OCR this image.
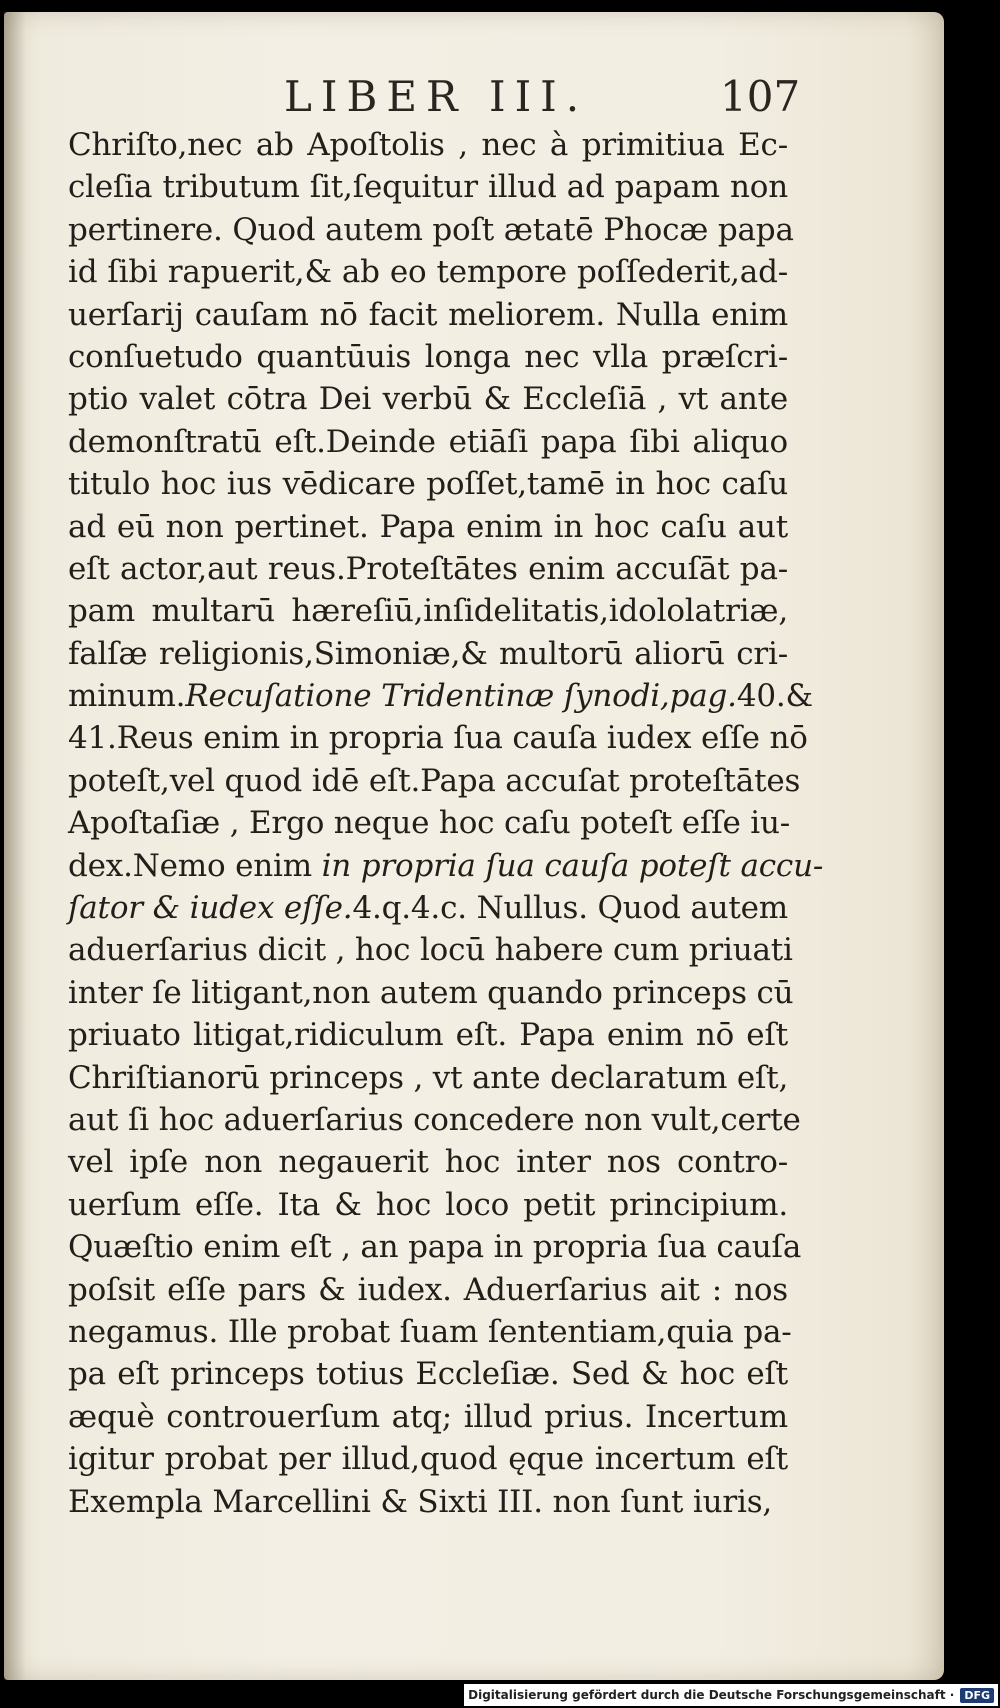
LIBER III.	107
Chriſto,nec ab Apoſtolis , nec à primitiua Ec-
cleſia tributum ſit,ſequitur illud ad papam non
pertinere. Quod autem poſt ætatē Phocæ papa
id ſibi rapuerit,& ab eo tempore poſſederit,ad-
uerſarij cauſam nō facit meliorem. Nulla enim
conſuetudo quantūuis longa nec vlla præſcri-
ptio valet cōtra Dei verbū & Eccleſiā , vt ante
demonſtratū eſt.Deinde etiāſi papa ſibi aliquo
titulo hoc ius vēdicare poſſet,tamē in hoc caſu
ad eū non pertinet. Papa enim in hoc caſu aut
eſt actor,aut reus.Proteſtātes enim accuſāt pa-
pam multarū hæreſiū,inſidelitatis,idololatriæ,
falſæ religionis,Simoniæ,& multorū aliorū cri-
minum.Recuſatione Tridentinæ ſynodi,pag.40.&
41.Reus enim in propria ſua cauſa iudex eſſe nō
poteſt,vel quod idē eſt.Papa accuſat proteſtātes
Apoſtaſiæ , Ergo neque hoc caſu poteſt eſſe iu-
dex.Nemo enim in propria ſua cauſa poteſt accu-
ſator & iudex eſſe.4.q.4.c. Nullus. Quod autem
aduerſarius dicit , hoc locū habere cum priuati
inter ſe litigant,non autem quando princeps cū
priuato litigat,ridiculum eſt. Papa enim nō eſt
Chriſtianorū princeps , vt ante declaratum eſt,
aut ſi hoc aduerſarius concedere non vult,certe
vel ipſe non negauerit hoc inter nos contro-
uerſum eſſe. Ita & hoc loco petit principium.
Quæſtio enim eſt , an papa in propria ſua cauſa
poſsit eſſe pars & iudex. Aduerſarius ait : nos
negamus. Ille probat ſuam ſententiam,quia pa-
pa eſt princeps totius Eccleſiæ. Sed & hoc eſt
æquè controuerſum atq; illud prius. Incertum
igitur probat per illud,quod ęque incertum eſt
Exempla Marcellini & Sixti III. non ſunt iuris,
Digitalisierung gefördert durch die Deutsche Forschungsgemeinschaft · DFG
